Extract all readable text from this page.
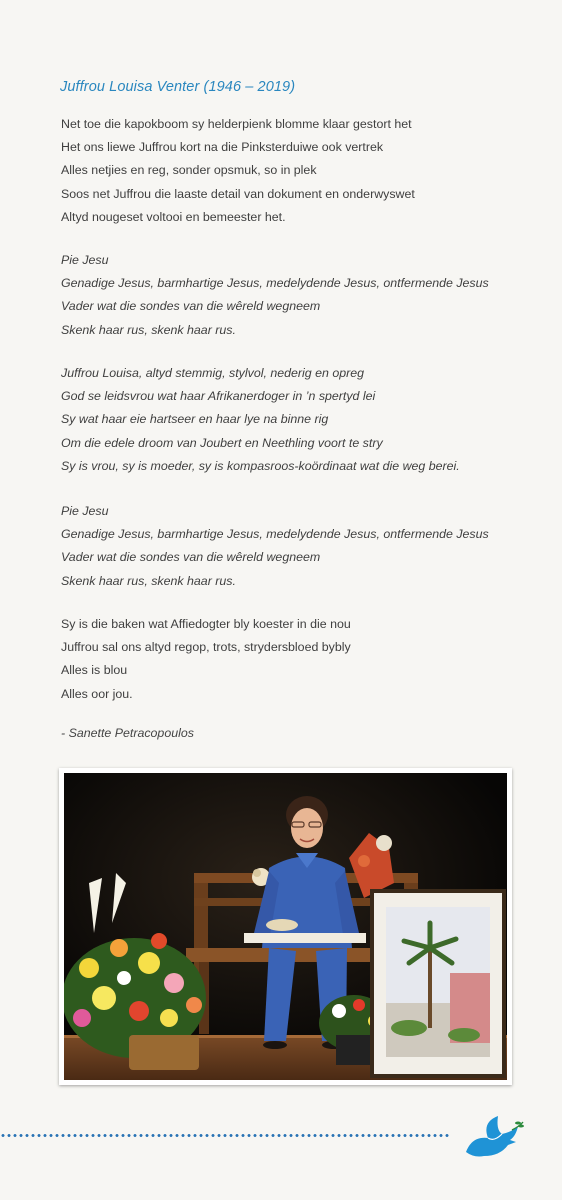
Juffrou Louisa Venter (1946 – 2019)
Net toe die kapokboom sy helderpienk blomme klaar gestort het
Het ons liewe Juffrou kort na die Pinksterduiwe ook vertrek
Alles netjies en reg, sonder opsmuk, so in plek
Soos net Juffrou die laaste detail van dokument en onderwyswet
Altyd nougeset voltooi en bemeester het.
Pie Jesu
Genadige Jesus, barmhartige Jesus, medelydende Jesus, ontfermende Jesus
Vader wat die sondes van die wêreld wegneem
Skenk haar rus, skenk haar rus.
Juffrou Louisa, altyd stemmig, stylvol, nederig en opreg
God se leidsvrou wat haar Afrikanerdoger in ’n spertyd lei
Sy wat haar eie hartseer en haar lye na binne rig
Om die edele droom van Joubert en Neethling voort te stry
Sy is vrou, sy is moeder, sy is kompasroos-koördinaat wat die weg berei.
Pie Jesu
Genadige Jesus, barmhartige Jesus, medelydende Jesus, ontfermende Jesus
Vader wat die sondes van die wêreld wegneem
Skenk haar rus, skenk haar rus.
Sy is die baken wat Affiedogter bly koester in die nou
Juffrou sal ons altyd regop, trots, strydersbloed bybly
Alles is blou
Alles oor jou.
- Sanette Petracopoulos
